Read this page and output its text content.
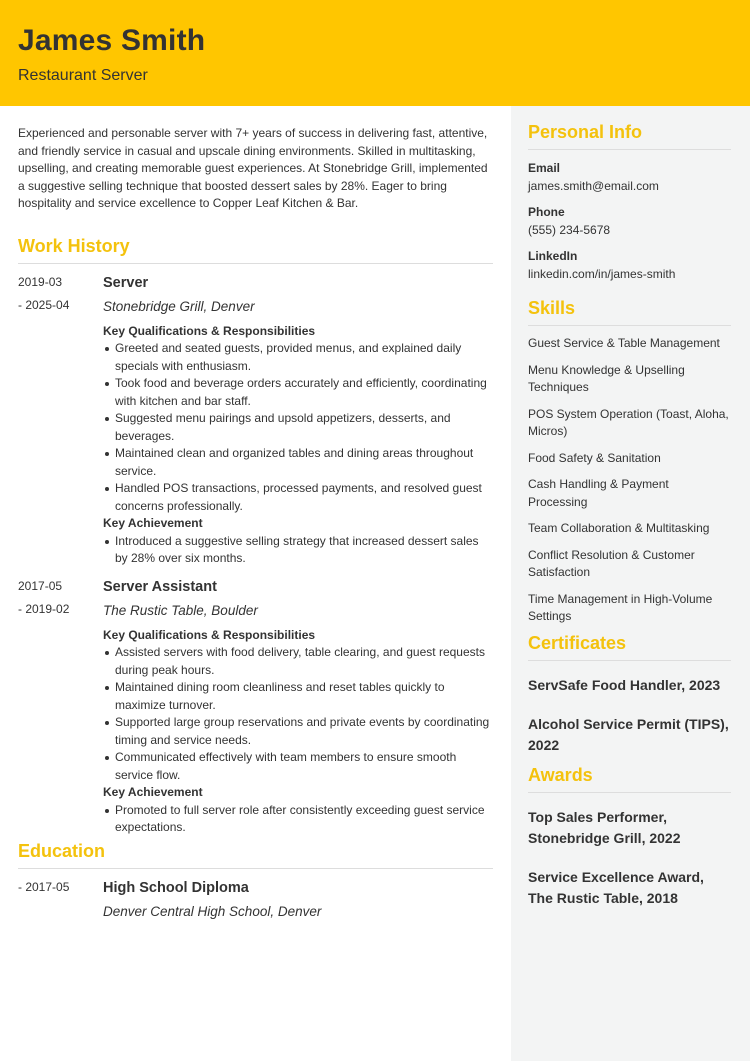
James Smith
Restaurant Server
Experienced and personable server with 7+ years of success in delivering fast, attentive, and friendly service in casual and upscale dining environments. Skilled in multitasking, upselling, and creating memorable guest experiences. At Stonebridge Grill, implemented a suggestive selling technique that boosted dessert sales by 28%. Eager to bring hospitality and service excellence to Copper Leaf Kitchen & Bar.
Work History
2019-03
- 2025-04
Server
Stonebridge Grill, Denver
Key Qualifications & Responsibilities
Greeted and seated guests, provided menus, and explained daily specials with enthusiasm.
Took food and beverage orders accurately and efficiently, coordinating with kitchen and bar staff.
Suggested menu pairings and upsold appetizers, desserts, and beverages.
Maintained clean and organized tables and dining areas throughout service.
Handled POS transactions, processed payments, and resolved guest concerns professionally.
Key Achievement
Introduced a suggestive selling strategy that increased dessert sales by 28% over six months.
2017-05
- 2019-02
Server Assistant
The Rustic Table, Boulder
Key Qualifications & Responsibilities
Assisted servers with food delivery, table clearing, and guest requests during peak hours.
Maintained dining room cleanliness and reset tables quickly to maximize turnover.
Supported large group reservations and private events by coordinating timing and service needs.
Communicated effectively with team members to ensure smooth service flow.
Key Achievement
Promoted to full server role after consistently exceeding guest service expectations.
Education
- 2017-05	High School Diploma
Denver Central High School, Denver
Personal Info
Email
james.smith@email.com
Phone
(555) 234-5678
LinkedIn
linkedin.com/in/james-smith
Skills
Guest Service & Table Management
Menu Knowledge & Upselling Techniques
POS System Operation (Toast, Aloha, Micros)
Food Safety & Sanitation
Cash Handling & Payment Processing
Team Collaboration & Multitasking
Conflict Resolution & Customer Satisfaction
Time Management in High-Volume Settings
Certificates
ServSafe Food Handler, 2023
Alcohol Service Permit (TIPS), 2022
Awards
Top Sales Performer, Stonebridge Grill, 2022
Service Excellence Award, The Rustic Table, 2018
